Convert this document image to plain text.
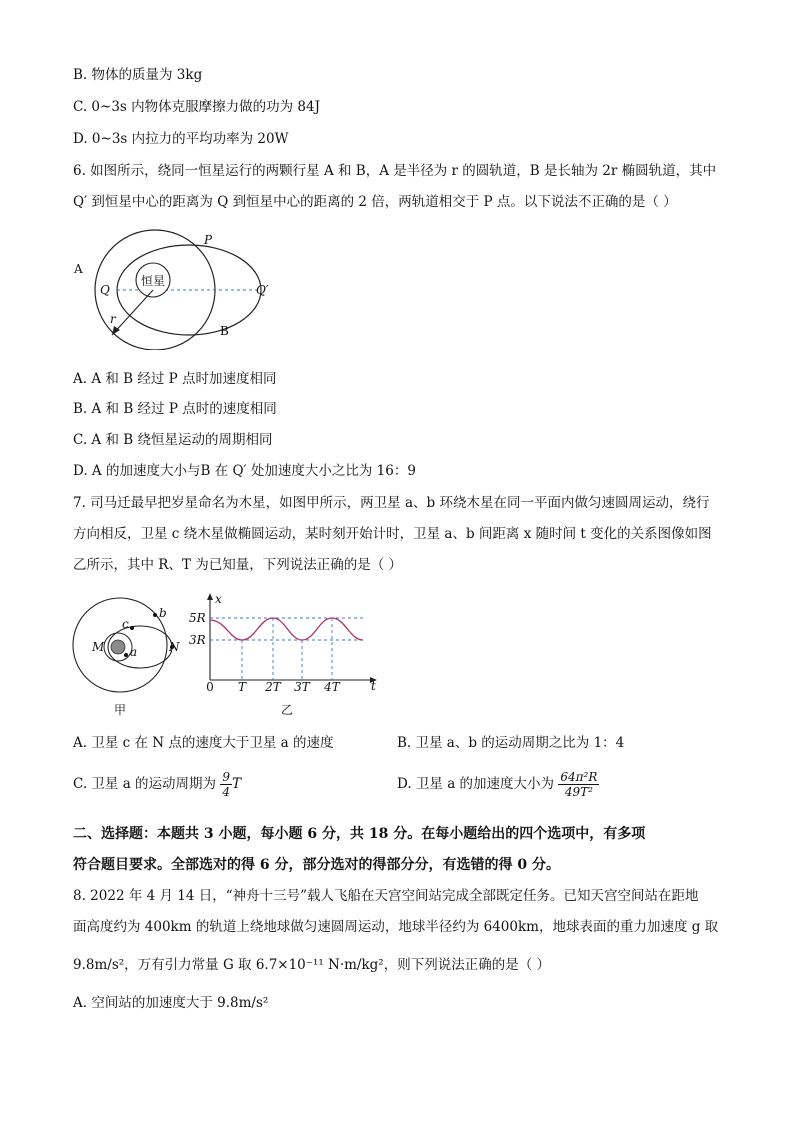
B. 物体的质量为 3kg
C. 0~3s 内物体克服摩擦力做的功为 84J
D. 0~3s 内拉力的平均功率为 20W
6. 如图所示，绕同一恒星运行的两颗行星 A 和 B，A 是半径为 r 的圆轨道，B 是长轴为 2r 椭圆轨道，其中
Q′ 到恒星中心的距离为 Q 到恒星中心的距离的 2 倍，两轨道相交于 P 点。以下说法不正确的是（ ）
恒星
r
A
B
P
Q	Q′
A. A 和 B 经过 P 点时加速度相同
B. A 和 B 经过 P 点时的速度相同
C. A 和 B 绕恒星运动的周期相同
D. A 的加速度大小与B 在 Q′ 处加速度大小之比为 16：9
7. 司马迁最早把岁星命名为木星，如图甲所示，两卫星 a、b 环绕木星在同一平面内做匀速圆周运动，绕行
方向相反，卫星 c 绕木星做椭圆运动，某时刻开始计时，卫星 a、b 间距离 x 随时间 t 变化的关系图像如图
乙所示，其中 R、T 为已知量，下列说法正确的是（ ）
a
b
c
M	N
甲
x
t
5R
3R
0 T 2T 3T 4T
乙
A. 卫星 c 在 N 点的速度大于卫星 a 的速度	B. 卫星 a、b 的运动周期之比为 1：4
C. 卫星 a 的运动周期为 $\frac{9}{4}$ T	D. 卫星 a 的加速度大小为 $\frac{\text{64π²R}}{\text{49T²}}$
二、选择题：本题共 3 小题，每小题 6 分，共 18 分。在每小题给出的四个选项中，有多项
符合题目要求。全部选对的得 6 分，部分选对的得部分分，有选错的得 0 分。
8. 2022 年 4 月 14 日，“神舟十三号”载人飞船在天宫空间站完成全部既定任务。已知天宫空间站在距地
面高度约为 400km 的轨道上绕地球做匀速圆周运动，地球半径约为 6400km，地球表面的重力加速度 g 取
9.8m/s²，万有引力常量 G 取 6.7×10⁻¹¹ N·m/kg²，则下列说法正确的是（ ）
A. 空间站的加速度大于 9.8m/s²
